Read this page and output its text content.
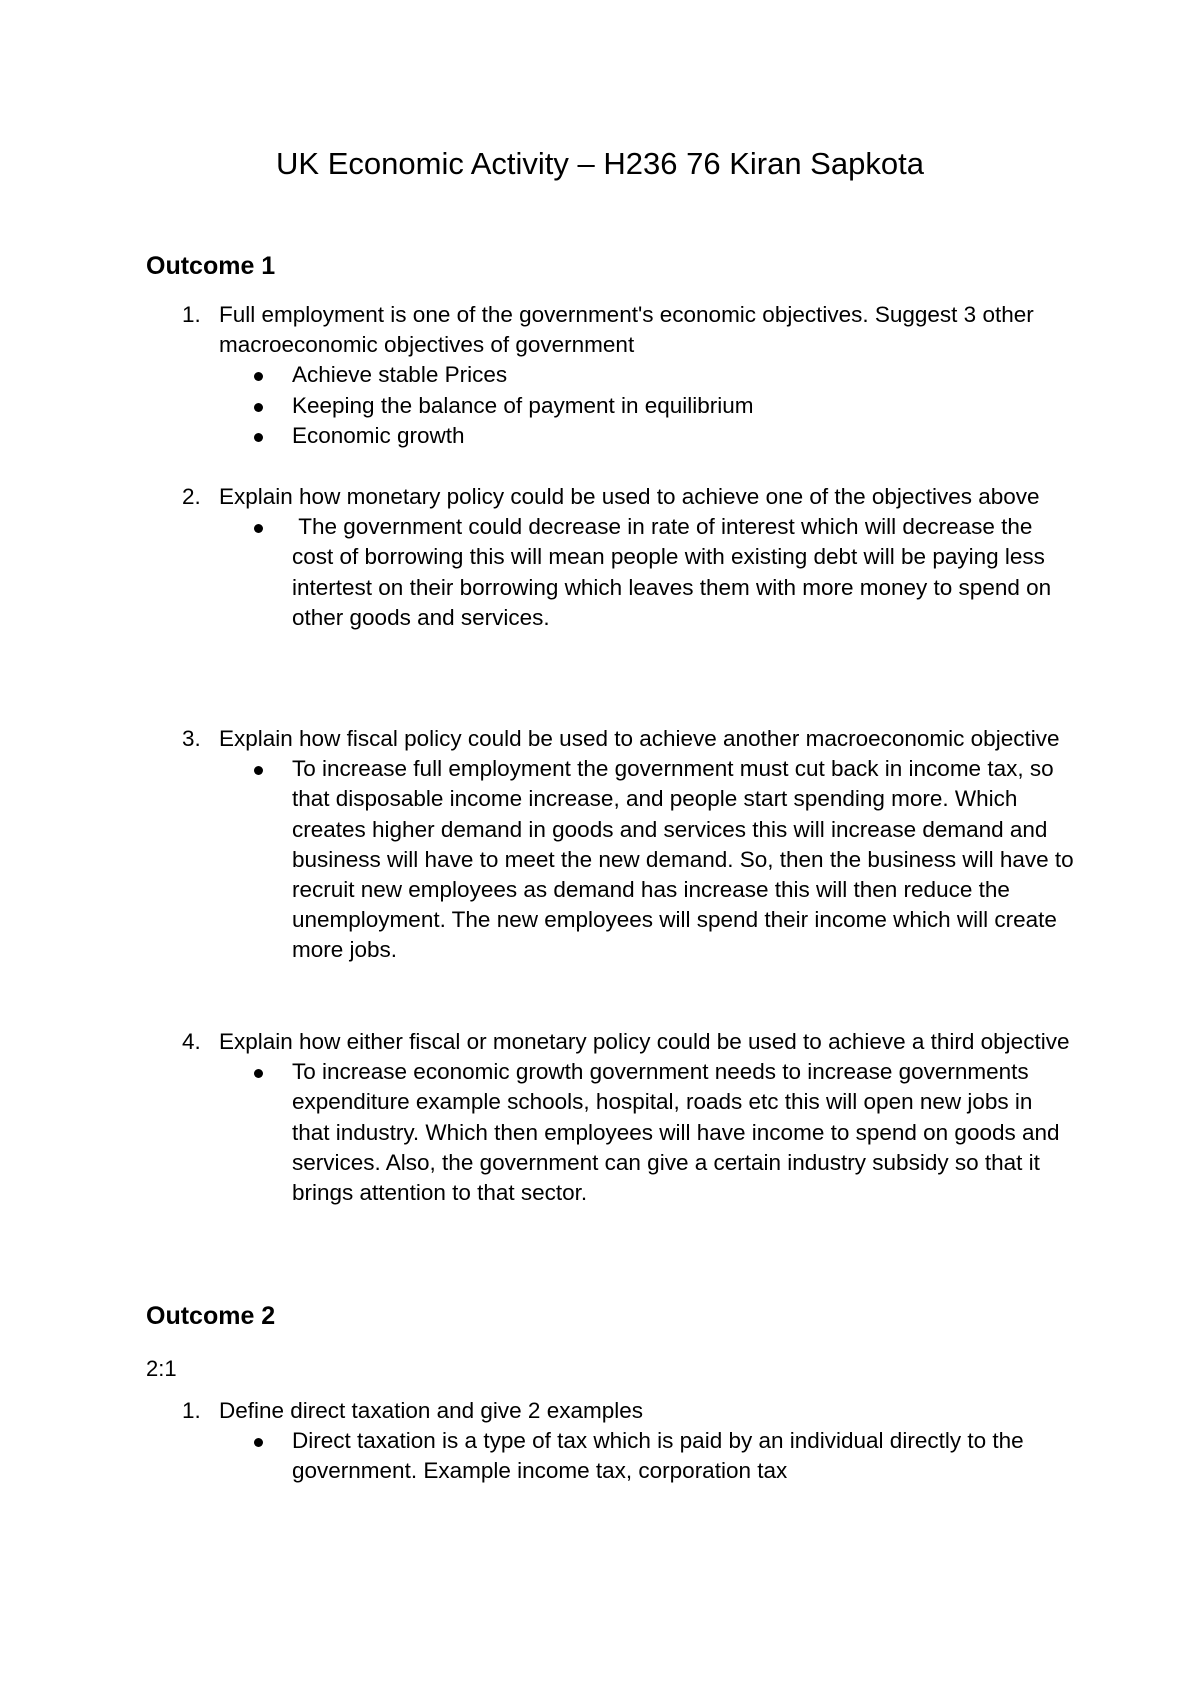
UK Economic Activity – H236 76 Kiran Sapkota
Outcome 1
1. Full employment is one of the government's economic objectives. Suggest 3 other macroeconomic objectives of government
Achieve stable Prices
Keeping the balance of payment in equilibrium
Economic growth
2. Explain how monetary policy could be used to achieve one of the objectives above
The government could decrease in rate of interest which will decrease the cost of borrowing this will mean people with existing debt will be paying less intertest on their borrowing which leaves them with more money to spend on other goods and services.
3. Explain how fiscal policy could be used to achieve another macroeconomic objective
To increase full employment the government must cut back in income tax, so that disposable income increase, and people start spending more. Which creates higher demand in goods and services this will increase demand and business will have to meet the new demand. So, then the business will have to recruit new employees as demand has increase this will then reduce the unemployment. The new employees will spend their income which will create more jobs.
4. Explain how either fiscal or monetary policy could be used to achieve a third objective
To increase economic growth government needs to increase governments expenditure example schools, hospital, roads etc this will open new jobs in that industry. Which then employees will have income to spend on goods and services. Also, the government can give a certain industry subsidy so that it brings attention to that sector.
Outcome 2
2:1
1. Define direct taxation and give 2 examples
Direct taxation is a type of tax which is paid by an individual directly to the government. Example income tax, corporation tax
